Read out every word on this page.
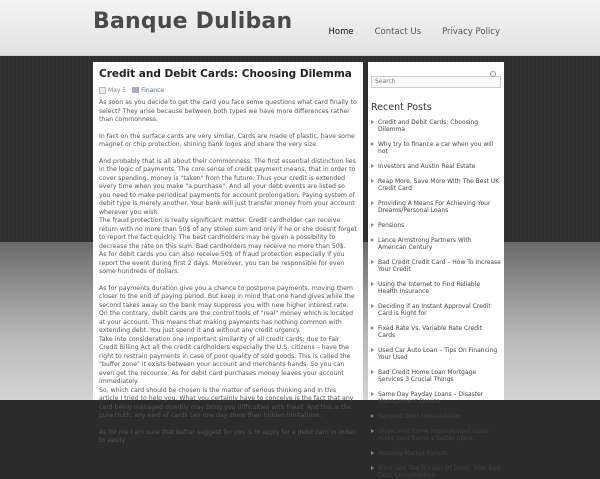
Banque Duliban	Home	Contact Us	Privacy Policy
Credit and Debit Cards: Choosing Dilemma
May 5	Finance

As soon as you decide to get the card you face some questions what card finally to select? They arise because between both types we have more differences rather than commonness.

In fact on the surface cards are very similar. Cards are made of plastic, have some magnet or chip protection, shining bank logos and share the very size.

And probably that is all about their commonness. The first essential distinction lies in the logic of payments. The core sense of credit payment means, that in order to cover spending, money is "taken" from the future. Thus your credit is extended every time when you make "a purchase". And all your debt events are listed so you need to make periodical payments for account prolongation. Paying system of debit type is merely another. Your bank will just transfer money from your account wherever you wish.

The fraud protection is really significant matter. Credit cardholder can receive return with no more than 50$ of any stolen sum and only if he or she doesnt forget to report the fact quickly. The best cardholders may be given a possibility to decrease the rate on this sum. Bad cardholders may receive no more than 50$.

As for debit cards you can also receive 50$ of fraud protection especially if you report the event during first 2 days. Moreover, you can be responsible for even some hundreds of dollars.

As for payments duration give you a chance to postpone payments, moving them closer to the end of paying period. But keep in mind that one hand gives while the second takes away so the bank may suppress you with new higher interest rate. On the contrary, debit cards are the control tools of "real" money which is located at your account. This means that making payments has nothing common with extending debt. You just spend it and without any credit urgency.

Take into consideration one important similarity of all credit cards: due to Fair Credit Billing Act all the credit cardholders especially the U.S. citizens – have the right to restrain payments in case of poor quality of sold goods. This is called the "buffer zone" it exists between your account and merchants hands. So you can even get the recourse. As for debit card purchases money leaves your account immediately.

So, which card should be chosen is the matter of serious thinking and in this article I tried to help you. What you certainly have to conceive is the fact that any card being managed dowdily may bring you difficulties with fraud. And this is the pure truth: any kind of cards can one day show their hidden limitations.

As for me I am sure that better suggest for you is to apply for a debit card in order to easily

Search
Recent Posts
Credit and Debit Cards: Choosing Dilemma
Why try to finance a car when you will not
Investors and Austin Real Estate
Reap More, Save More With The Best UK Credit Card
Providing A Means For Achieving Your Dreams/Personal Loans
Pensions
Lance Armstrong Partners With American Century
Bad Credit Credit Card – How To Increase Your Credit
Using the Internet to Find Reliable Health Insurance
Deciding if an Instant Approval Credit Card is Right for
Fixed Rate Vs. Variable Rate Credit Cards
Used Car Auto Loan – Tips On Financing Your Used
Bad Credit Home Loan Mortgage Services 3 Crucial Things
Same Day Payday Loans – Disaster Management Device
Secured Debt Consolidation
Unsecured home improvement loans make your home a better place
Housing Market Fallout
Eliminate The Burden Of Debts With Bad Debt Consolidation
